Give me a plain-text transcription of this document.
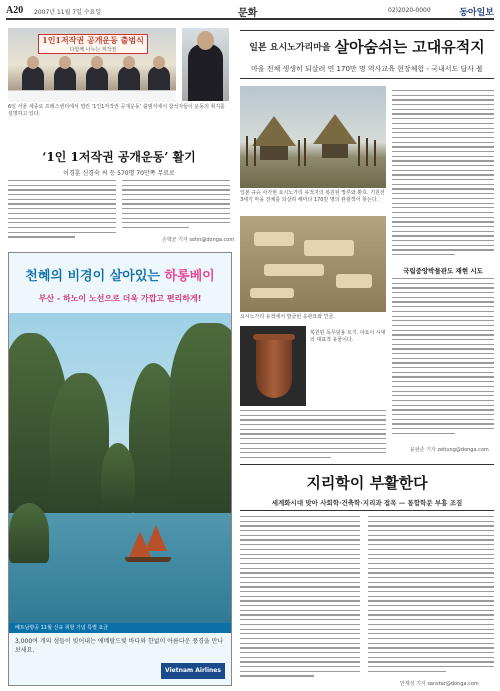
A20 2007년 11월 7일 수요일	문화	02)2020-0000	동아일보
1인1저작권 공개운동 출범식
다함께 나누는 저작권
6일 서울 세종로 프레스센터에서 열린 ‘1인1저작권 공개운동’ 출범식에서 참석자들이 운동의 취지를 설명하고 있다.
‘1인 1저작권 공개운동’ 활기
이경훈 신경숙 씨 등 570명 70만쪽 무료로
손택균 기자 sohn@donga.com
천혜의 비경이 살아있는 하롱베이
부산 - 하노이 노선으로 더욱 가깝고 편리하게!
베트남항공 11월 신규 취항 기념 특별 요금
3,000여 개의 섬들이 빚어내는 에메랄드빛 바다와 한없이 아름다운 풍경을 만나 보세요.
Vietnam Airlines
일본 요시노가리마을 살아숨쉬는 고대유적지
마을 전체 생생히 되살려 연 170만 명 역사교육 현장체험 - 국내서도 답사 붐
일본 규슈 사가현 요시노가리 유적지의 복원된 망루와 환호. 기원전 3세기 마을 전체를 되살려 해마다 170만 명의 관광객이 찾는다.
요시노가리 유적에서 발굴된 옹관묘와 인골.
복원된 독무덤용 토기. 야요이 시대의 대표적 유물이다.
국립중앙박물관도 재현 시도
윤완준 기자 zeitung@donga.com
지리학이 부활한다
세계화시대 맞아 사회학·건축학·지리과 접목 — 통합학문 부흥 조짐
안재성 기자 sanstar@donga.com
